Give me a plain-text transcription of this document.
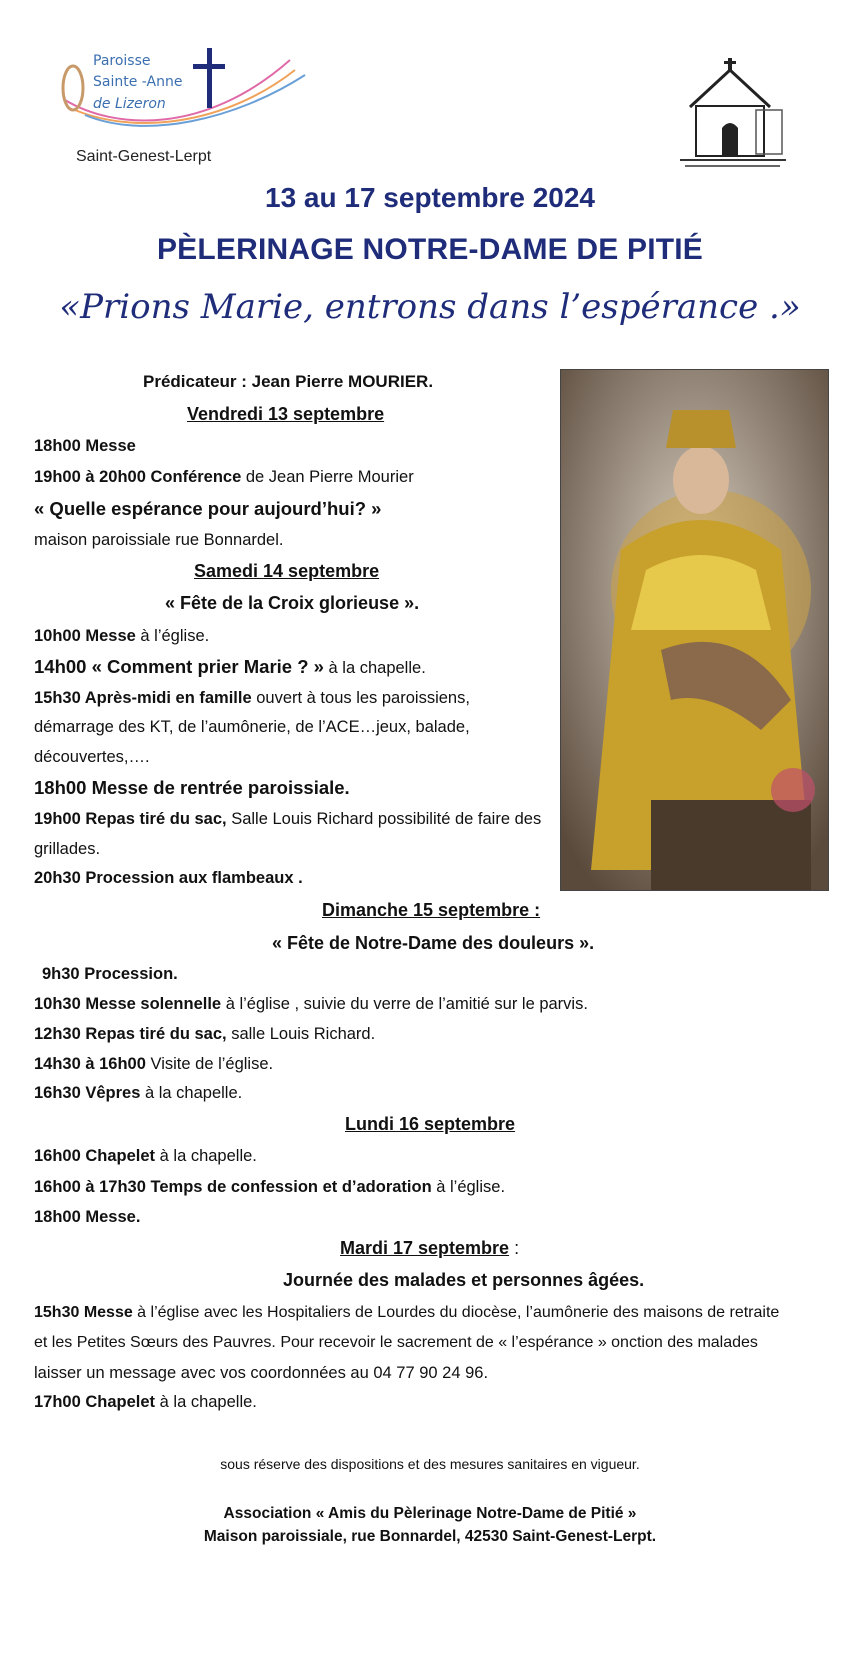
Paroisse
Sainte -Anne
de Lizeron
Saint-Genest-Lerpt
13 au 17 septembre 2024
PÈLERINAGE NOTRE-DAME DE PITIÉ
«Prions Marie, entrons dans l’espérance .»
Prédicateur : Jean Pierre MOURIER.
Vendredi 13 septembre
18h00 Messe
19h00 à 20h00 Conférence de Jean Pierre Mourier
« Quelle espérance pour aujourd’hui? »
maison paroissiale rue Bonnardel.
Samedi 14 septembre
« Fête de la Croix glorieuse ».
10h00 Messe à l’église.
14h00 « Comment prier Marie ? » à la chapelle.
15h30 Après-midi en famille ouvert à tous les paroissiens,
démarrage des KT, de l’aumônerie, de l’ACE…jeux, balade,
découvertes,….
18h00 Messe de rentrée paroissiale.
19h00 Repas tiré du sac, Salle Louis Richard possibilité de faire des
grillades.
20h30 Procession aux flambeaux .
Dimanche 15 septembre :
« Fête de Notre-Dame des douleurs ».
9h30 Procession.
10h30 Messe solennelle à l’église , suivie du verre de l’amitié sur le parvis.
12h30 Repas tiré du sac, salle Louis Richard.
14h30 à 16h00 Visite de l’église.
16h30 Vêpres à la chapelle.
Lundi 16 septembre
16h00 Chapelet à la chapelle.
16h00 à 17h30 Temps de confession et d’adoration à l’église.
18h00 Messe.
Mardi 17 septembre :
Journée des malades et personnes âgées.
15h30 Messe à l’église avec les Hospitaliers de Lourdes du diocèse, l’aumônerie des maisons de retraite
et les Petites Sœurs des Pauvres. Pour recevoir le sacrement de « l’espérance » onction des malades
laisser un message avec vos coordonnées au 04 77 90 24 96.
17h00 Chapelet à la chapelle.
sous réserve des dispositions et des mesures sanitaires en vigueur.
Association « Amis du Pèlerinage Notre-Dame de Pitié »
Maison paroissiale, rue Bonnardel, 42530 Saint-Genest-Lerpt.
